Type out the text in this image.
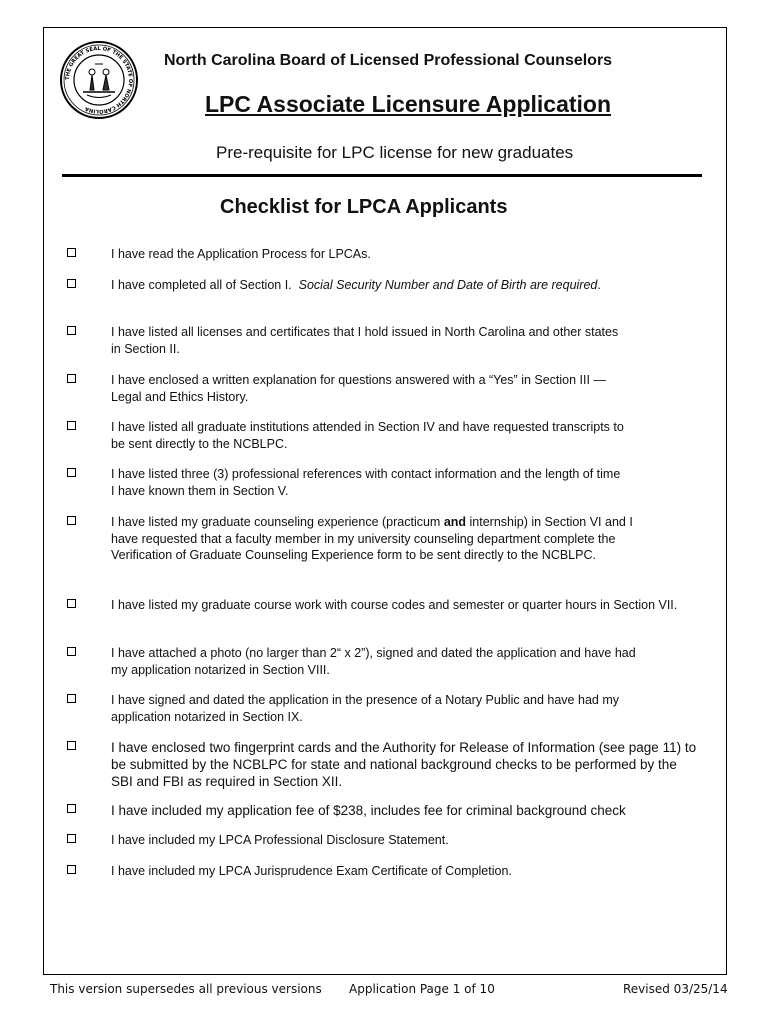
THE GREAT SEAL OF THE STATE OF NORTH CAROLINA
North Carolina Board of Licensed Professional Counselors
LPC Associate Licensure Application
Pre-requisite for LPC license for new graduates
Checklist for LPCA Applicants
I have read the Application Process for LPCAs.
I have completed all of Section I.  Social Security Number and Date of Birth are required.
I have listed all licenses and certificates that I hold issued in North Carolina and other states in Section II.
I have enclosed a written explanation for questions answered with a “Yes” in Section III — Legal and Ethics History.
I have listed all graduate institutions attended in Section IV and have requested transcripts to be sent directly to the NCBLPC.
I have listed three (3) professional references with contact information and the length of time I have known them in Section V.
I have listed my graduate counseling experience (practicum and internship) in Section VI and I have requested that a faculty member in my university counseling department complete the Verification of Graduate Counseling Experience form to be sent directly to the NCBLPC.
I have listed my graduate course work with course codes and semester or quarter hours in Section VII.
I have attached a photo (no larger than 2“ x 2”), signed and dated the application and have had my application notarized in Section VIII.
I have signed and dated the application in the presence of a Notary Public and have had my application notarized in Section IX.
I have enclosed two fingerprint cards and the Authority for Release of Information (see page 11) to be submitted by the NCBLPC for state and national background checks to be performed by the SBI and FBI as required in Section XII.
I have included my application fee of $238, includes fee for criminal background check
I have included my LPCA Professional Disclosure Statement.
I have included my LPCA Jurisprudence Exam Certificate of Completion.
This version supersedes all previous versions Application Page 1 of 10	Revised 03/25/14
